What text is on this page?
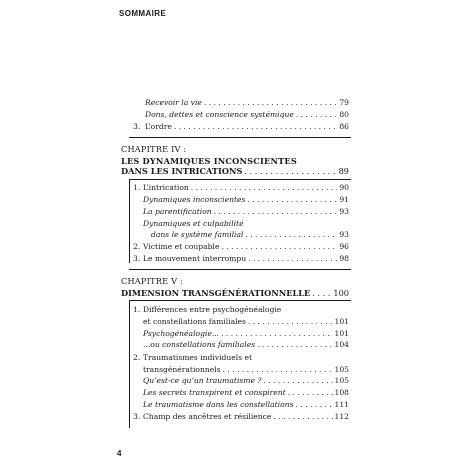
SOMMAIRE
Recevoir la vie . . .	79
Dons, dettes et conscience systémique . . .	80
3. L’ordre . . .	86
CHAPITRE IV :
LES DYNAMIQUES INCONSCIENTES
DANS LES INTRICATIONS . . .	89
1. L’intrication . . .	90
Dynamiques inconscientes . . .	91
La parentification . . .	93
Dynamiques et culpabilité
dans le système familial . . .	93
2. Victime et coupable . . .	96
3. Le mouvement interrompu . . .	98
CHAPITRE V :
DIMENSION TRANSGÉNÉRATIONNELLE . . .	100
1. Différences entre psychogénéalogie
et constellations familiales . . .	101
Psychogénéalogie... . . .	101
...ou constellations familiales . . .	104
2. Traumatismes individuels et
transgénérationnels . . .	105
Qu’est-ce qu’un traumatisme ? . . .	105
Les secrets transpirent et conspirent . . .	108
Le traumatisme dans les constellations . . .	111
3. Champ des ancêtres et résilience . . .	112
4
